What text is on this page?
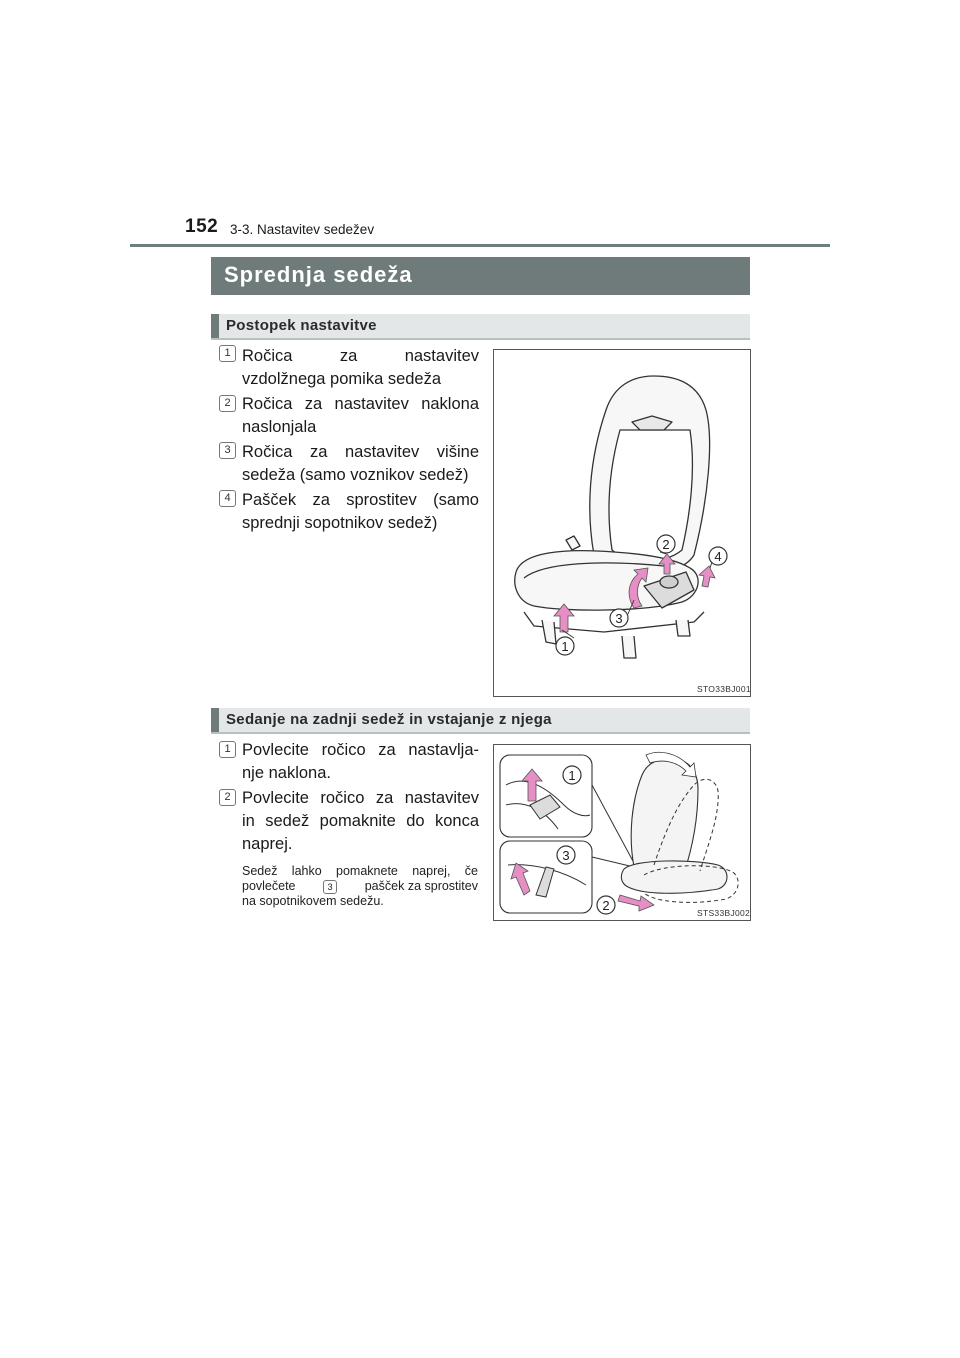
152 3-3. Nastavitev sedežev
Sprednja sedeža
Postopek nastavitve
1 Ročica za nastavitev
vzdolžnega pomika sedeža
2 Ročica za nastavitev naklona
naslonjala
3 Ročica za nastavitev višine
sedeža (samo voznikov sedež)
4 Pašček za sprostitev (samo
sprednji sopotnikov sedež)
1
2
3
4
STO33BJ001
Sedanje na zadnji sedež in vstajanje z njega
1 Povlecite ročico za nastavlja-
nje naklona.
2 Povlecite ročico za nastavitev
in sedež pomaknite do konca
naprej.
Sedež lahko pomaknete naprej, če
povlečete	3	pašček za sprostitev
na sopotnikovem sedežu.
1
2
3
STS33BJ002
